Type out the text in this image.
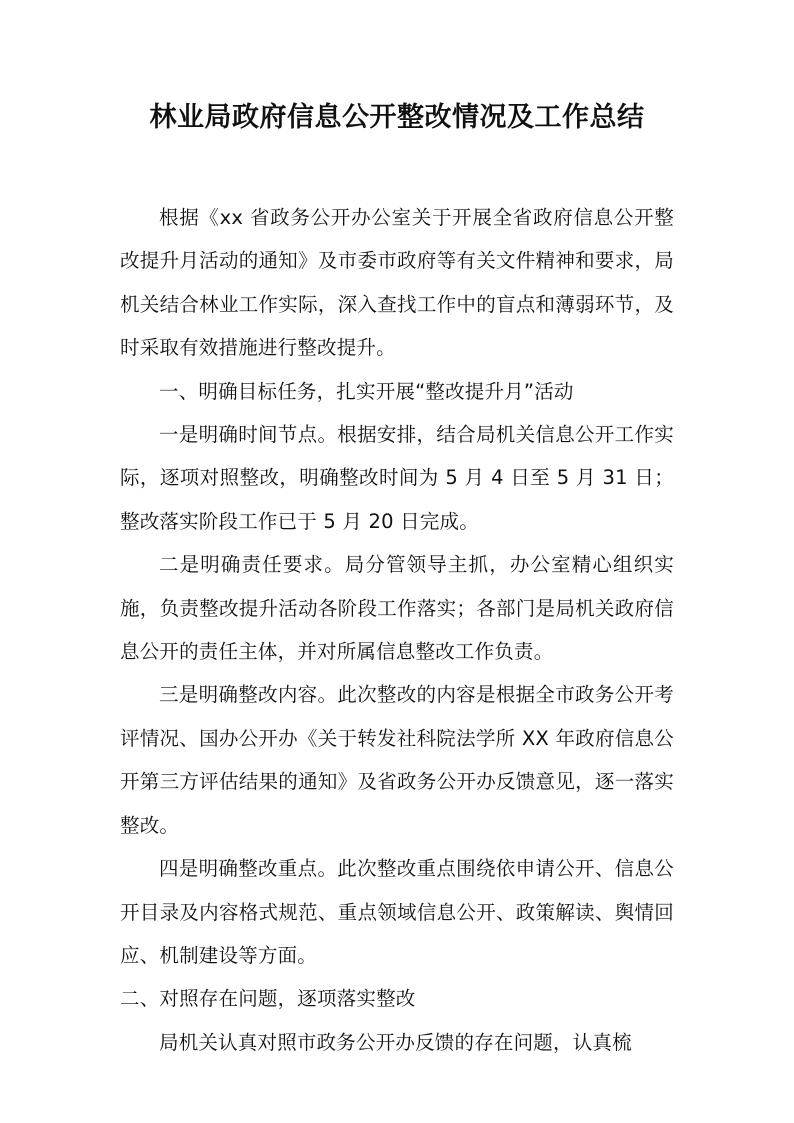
林业局政府信息公开整改情况及工作总结

根据《xx 省政务公开办公室关于开展全省政府信息公开整改提升月活动的通知》及市委市政府等有关文件精神和要求，局机关结合林业工作实际，深入查找工作中的盲点和薄弱环节，及时采取有效措施进行整改提升。

一、明确目标任务，扎实开展“整改提升月”活动

一是明确时间节点。根据安排，结合局机关信息公开工作实际，逐项对照整改，明确整改时间为 5 月 4 日至 5 月 31 日；整改落实阶段工作已于 5 月 20 日完成。

二是明确责任要求。局分管领导主抓，办公室精心组织实施，负责整改提升活动各阶段工作落实；各部门是局机关政府信息公开的责任主体，并对所属信息整改工作负责。

三是明确整改内容。此次整改的内容是根据全市政务公开考评情况、国办公开办《关于转发社科院法学所 XX 年政府信息公开第三方评估结果的通知》及省政务公开办反馈意见，逐一落实整改。

四是明确整改重点。此次整改重点围绕依申请公开、信息公开目录及内容格式规范、重点领域信息公开、政策解读、舆情回应、机制建设等方面。

二、对照存在问题，逐项落实整改

局机关认真对照市政务公开办反馈的存在问题，认真梳
